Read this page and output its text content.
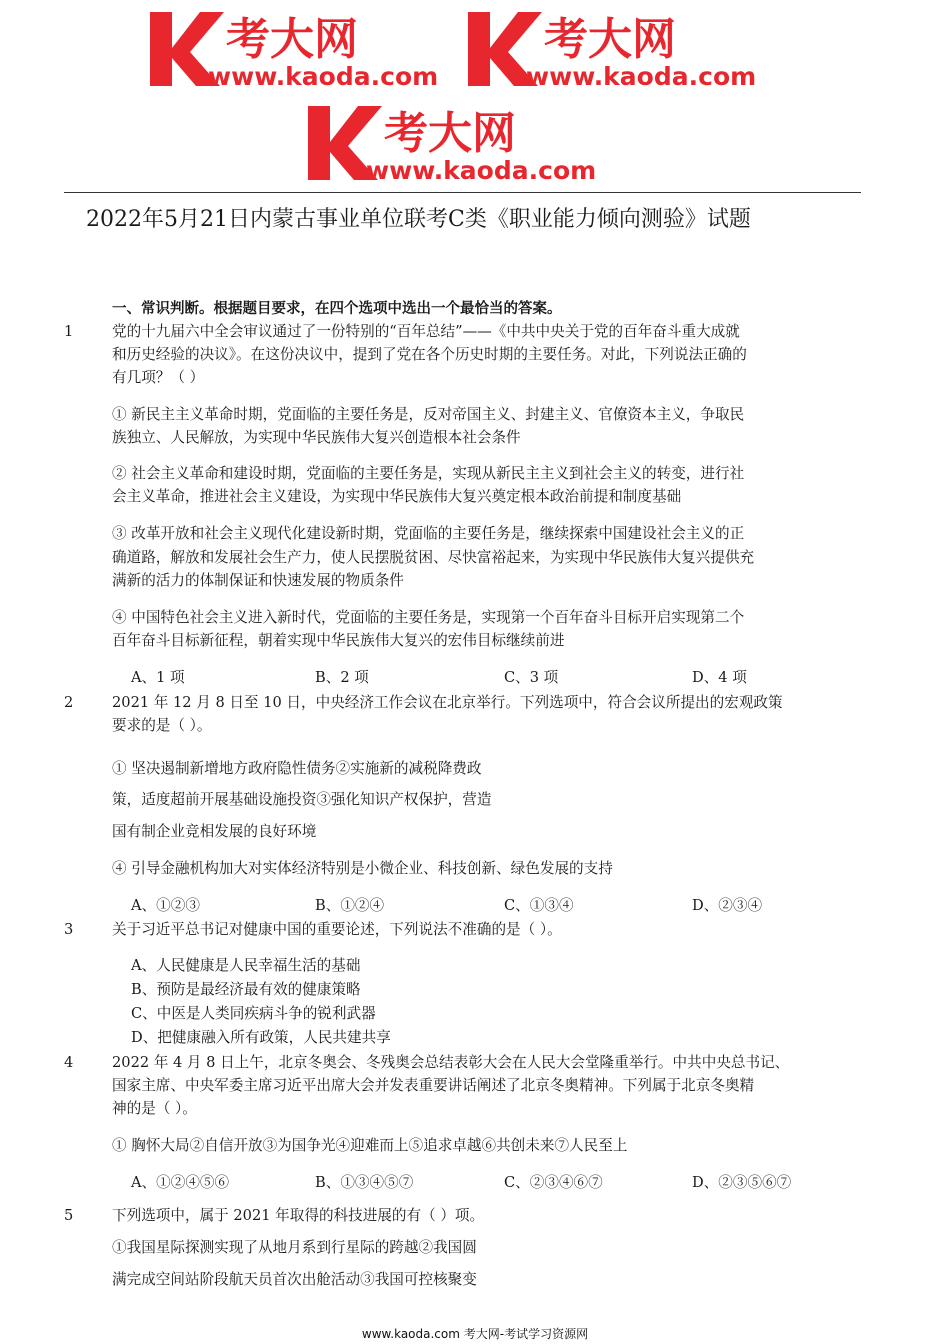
考大网
www.kaoda.com
考大网
www.kaoda.com
考大网
www.kaoda.com
2022年5月21日内蒙古事业单位联考C类《职业能力倾向测验》试题
一、常识判断。根据题目要求，在四个选项中选出一个最恰当的答案。
1	党的十九届六中全会审议通过了一份特别的“百年总结”——《中共中央关于党的百年奋斗重大成就
和历史经验的决议》。在这份决议中，提到了党在各个历史时期的主要任务。对此，下列说法正确的
有几项？（ ）
① 新民主主义革命时期，党面临的主要任务是，反对帝国主义、封建主义、官僚资本主义，争取民
族独立、人民解放，为实现中华民族伟大复兴创造根本社会条件
② 社会主义革命和建设时期，党面临的主要任务是，实现从新民主主义到社会主义的转变，进行社
会主义革命，推进社会主义建设，为实现中华民族伟大复兴奠定根本政治前提和制度基础
③ 改革开放和社会主义现代化建设新时期，党面临的主要任务是，继续探索中国建设社会主义的正
确道路，解放和发展社会生产力，使人民摆脱贫困、尽快富裕起来，为实现中华民族伟大复兴提供充
满新的活力的体制保证和快速发展的物质条件
④ 中国特色社会主义进入新时代，党面临的主要任务是，实现第一个百年奋斗目标开启实现第二个
百年奋斗目标新征程，朝着实现中华民族伟大复兴的宏伟目标继续前进
A、1 项	B、2 项	C、3 项	D、4 项
2	2021 年 12 月 8 日至 10 日，中央经济工作会议在北京举行。下列选项中，符合会议所提出的宏观政策
要求的是（ ）。
① 坚决遏制新增地方政府隐性债务②实施新的减税降费政
策，适度超前开展基础设施投资③强化知识产权保护，营造
国有制企业竞相发展的良好环境
④ 引导金融机构加大对实体经济特别是小微企业、科技创新、绿色发展的支持
A、①②③	B、①②④	C、①③④	D、②③④
3	关于习近平总书记对健康中国的重要论述，下列说法不准确的是（ ）。
A、人民健康是人民幸福生活的基础
B、预防是最经济最有效的健康策略
C、中医是人类同疾病斗争的锐利武器
D、把健康融入所有政策，人民共建共享
4	2022 年 4 月 8 日上午，北京冬奥会、冬残奥会总结表彰大会在人民大会堂隆重举行。中共中央总书记、
国家主席、中央军委主席习近平出席大会并发表重要讲话阐述了北京冬奥精神。下列属于北京冬奥精
神的是（ ）。
① 胸怀大局②自信开放③为国争光④迎难而上⑤追求卓越⑥共创未来⑦人民至上
A、①②④⑤⑥	B、①③④⑤⑦	C、②③④⑥⑦	D、②③⑤⑥⑦
5	下列选项中，属于 2021 年取得的科技进展的有（ ）项。
①我国星际探测实现了从地月系到行星际的跨越②我国圆
满完成空间站阶段航天员首次出舱活动③我国可控核聚变
www.kaoda.com 考大网-考试学习资源网
